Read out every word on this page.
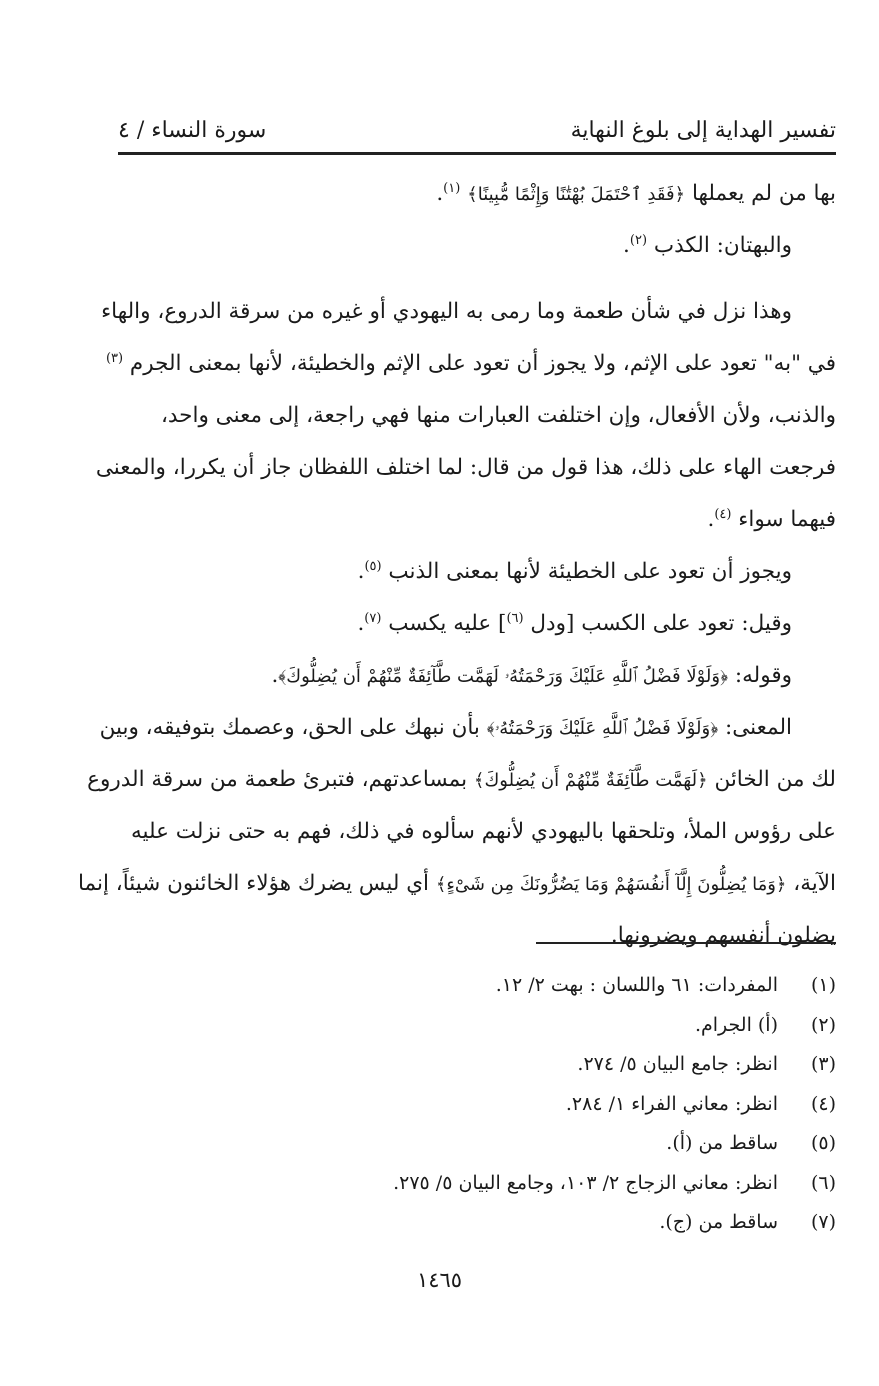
تفسير الهداية إلى بلوغ النهاية
سورة النساء / ٤
بها من لم يعملها ﴿فَقَدِ ٱحْتَمَلَ بُهْتَٰنًا وَإِثْمًا مُّبِينًا﴾ $^{(١)}$.
والبهتان: الكذب $^{(٢)}$.
وهذا نزل في شأن طعمة وما رمى به اليهودي أو غيره من سرقة الدروع، والهاء
في "به" تعود على الإثم، ولا يجوز أن تعود على الإثم والخطيئة، لأنها بمعنى الجرم $^{(٣)}$
والذنب، ولأن الأفعال، وإن اختلفت العبارات منها فهي راجعة، إلى معنى واحد،
فرجعت الهاء على ذلك، هذا قول من قال: لما اختلف اللفظان جاز أن يكررا، والمعنى
فيهما سواء $^{(٤)}$.
ويجوز أن تعود على الخطيئة لأنها بمعنى الذنب $^{(٥)}$.
وقيل: تعود على الكسب [ودل $^{(٦)}$] عليه يكسب $^{(٧)}$.
وقوله: ﴿وَلَوْلَا فَضْلُ ٱللَّهِ عَلَيْكَ وَرَحْمَتُهُۥ لَهَمَّت طَّآئِفَةٌ مِّنْهُمْ أَن يُضِلُّوكَ﴾.
المعنى: ﴿وَلَوْلَا فَضْلُ ٱللَّهِ عَلَيْكَ وَرَحْمَتُهُۥ﴾ بأن نبهك على الحق، وعصمك بتوفيقه، وبين
لك من الخائن ﴿لَهَمَّت طَّآئِفَةٌ مِّنْهُمْ أَن يُضِلُّوكَ﴾ بمساعدتهم، فتبرئ طعمة من سرقة الدروع
على رؤوس الملأ، وتلحقها باليهودي لأنهم سألوه في ذلك، فهم به حتى نزلت عليه
الآية، ﴿وَمَا يُضِلُّونَ إِلَّآ أَنفُسَهُمْ وَمَا يَضُرُّونَكَ مِن شَىْءٍ﴾ أي ليس يضرك هؤلاء الخائنون شيئاً، إنما
يضلون أنفسهم ويضرونها.
(١)
المفردات: ٦١ واللسان : بهت ٢/ ١٢.
(٢)
(أ) الجرام.
(٣)
انظر: جامع البيان ٥/ ٢٧٤.
(٤)
انظر: معاني الفراء ١/ ٢٨٤.
(٥)
ساقط من (أ).
(٦)
انظر: معاني الزجاج ٢/ ١٠٣، وجامع البيان ٥/ ٢٧٥.
(٧)
ساقط من (ج).
١٤٦٥
